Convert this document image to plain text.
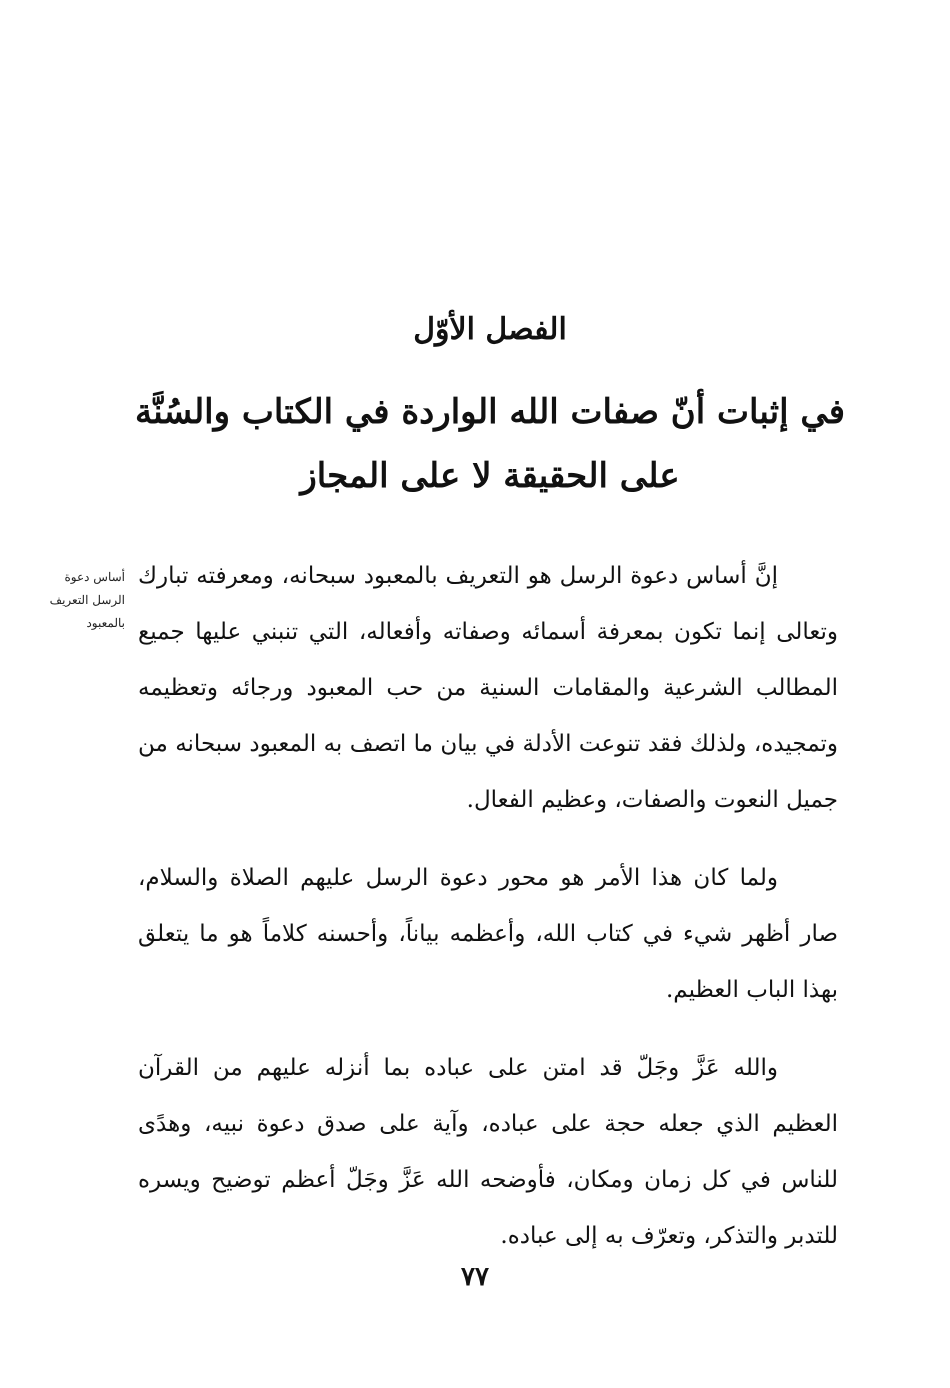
الفصل الأوّل
في إثبات أنّ صفات الله الواردة في الكتاب والسُنَّة
على الحقيقة لا على المجاز
أساس دعوة
الرسل التعريف
بالمعبود

إنَّ أساس دعوة الرسل هو التعريف بالمعبود سبحانه، ومعرفته تبارك وتعالى إنما تكون بمعرفة أسمائه وصفاته وأفعاله، التي تنبني عليها جميع المطالب الشرعية والمقامات السنية من حب المعبود ورجائه وتعظيمه وتمجيده، ولذلك فقد تنوعت الأدلة في بيان ما اتصف به المعبود سبحانه من جميل النعوت والصفات، وعظيم الفعال.

ولما كان هذا الأمر هو محور دعوة الرسل عليهم الصلاة والسلام، صار أظهر شيء في كتاب الله، وأعظمه بياناً، وأحسنه كلاماً هو ما يتعلق بهذا الباب العظيم.

والله عَزَّ وجَلّ قد امتن على عباده بما أنزله عليهم من القرآن العظيم الذي جعله حجة على عباده، وآية على صدق دعوة نبيه، وهدًى للناس في كل زمان ومكان، فأوضحه الله عَزَّ وجَلّ أعظم توضيح ويسره للتدبر والتذكر، وتعرّف به إلى عباده.

٧٧
